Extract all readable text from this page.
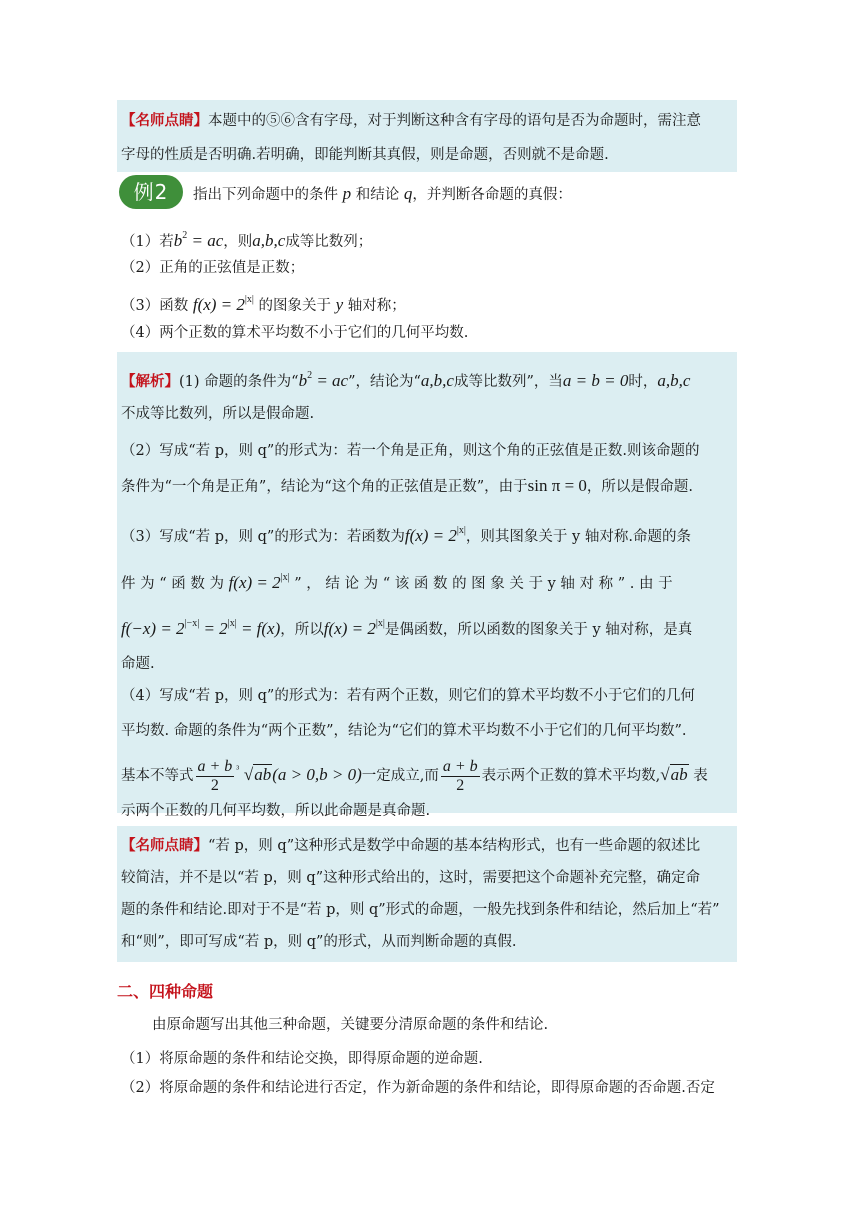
【名师点睛】本题中的⑤⑥含有字母，对于判断这种含有字母的语句是否为命题时，需注意
字母的性质是否明确.若明确，即能判断其真假，则是命题，否则就不是命题.
例2	指出下列命题中的条件 p 和结论 q，并判断各命题的真假：
（1）若$b^2$ = ac，则a,b,c成等比数列；
（2）正角的正弦值是正数；
（3）函数 $f(x) = 2^{|x|}$ 的图象关于 y 轴对称；
（4）两个正数的算术平均数不小于它们的几何平均数.
【解析】(1) 命题的条件为“$b^2$ = ac”，结论为“a,b,c成等比数列”，当a = b = 0时，a,b,c
不成等比数列，所以是假命题.
（2）写成“若 p，则 q”的形式为：若一个角是正角，则这个角的正弦值是正数.则该命题的
条件为“一个角是正角”，结论为“这个角的正弦值是正数”，由于sin π = 0，所以是假命题.
（3）写成“若 p，则 q”的形式为：若函数为$f(x) = 2^{|x|}$，则其图象关于 y 轴对称.命题的条
件 为 “ 函 数 为 $f(x) = 2^{|x|}$ ” ， 结 论 为 “ 该 函 数 的 图 象 关 于 y 轴 对 称 ” . 由 于
$f(-x) = 2^{|-x|} = 2^{|x|} = f(x)$，所以$f(x) = 2^{|x|}$是偶函数，所以函数的图象关于 y 轴对称，是真
命题.
（4）写成“若 p，则 q”的形式为：若有两个正数，则它们的算术平均数不小于它们的几何
平均数. 命题的条件为“两个正数”，结论为“它们的算术平均数不小于它们的几何平均数”.
基本不等式 $\frac{a + b}{2} ^{^3}$ √ab(a > 0,b > 0)一定成立,而 $\frac{a + b}{2}$ 表示两个正数的算术平均数,√ab 表
示两个正数的几何平均数，所以此命题是真命题.
【名师点睛】“若 p，则 q”这种形式是数学中命题的基本结构形式，也有一些命题的叙述比
较简洁，并不是以“若 p，则 q”这种形式给出的，这时，需要把这个命题补充完整，确定命
题的条件和结论.即对于不是“若 p，则 q”形式的命题，一般先找到条件和结论，然后加上“若”
和“则”，即可写成“若 p，则 q”的形式，从而判断命题的真假.
二、四种命题
由原命题写出其他三种命题，关键要分清原命题的条件和结论.
（1）将原命题的条件和结论交换，即得原命题的逆命题.
（2）将原命题的条件和结论进行否定，作为新命题的条件和结论，即得原命题的否命题.否定
